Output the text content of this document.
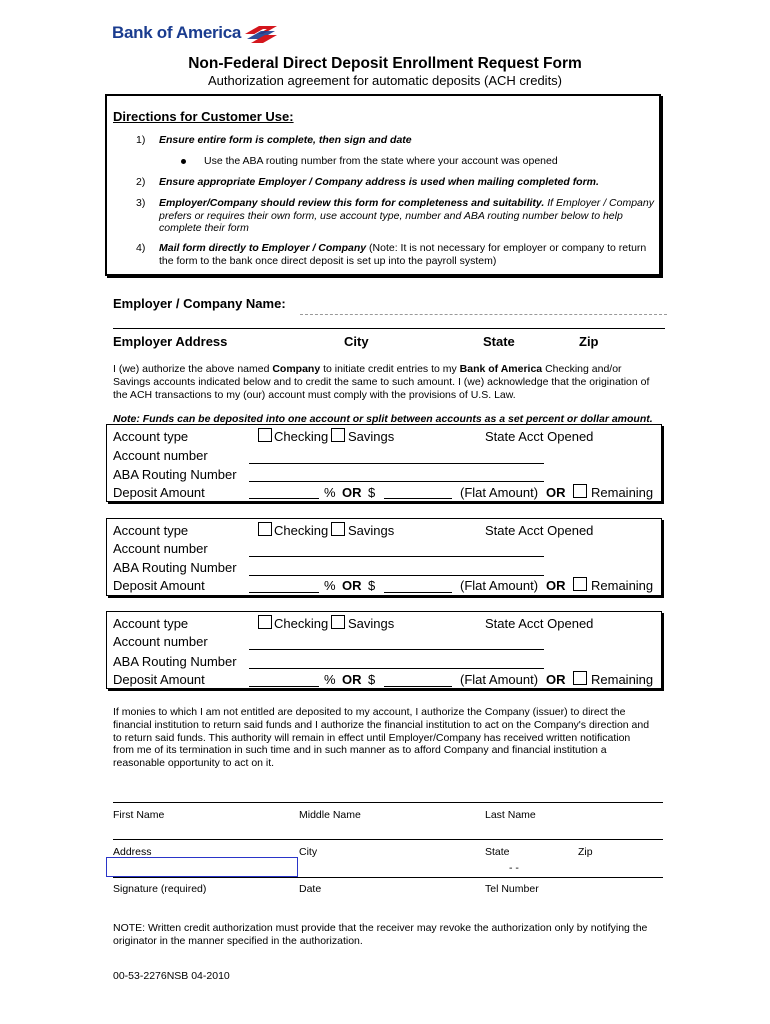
Bank of America
Non-Federal Direct Deposit Enrollment Request Form
Authorization agreement for automatic deposits (ACH credits)
Directions for Customer Use:
1) Ensure entire form is complete, then sign and date
Use the ABA routing number from the state where your account was opened
2) Ensure appropriate Employer / Company address is used when mailing completed form.
3) Employer/Company should review this form for completeness and suitability. If Employer / Company prefers or requires their own form, use account type, number and ABA routing number below to help complete their form
4) Mail form directly to Employer / Company (Note: It is not necessary for employer or company to return the form to the bank once direct deposit is set up into the payroll system)
Employer / Company Name:
Employer Address	City	State	Zip
I (we) authorize the above named Company to initiate credit entries to my Bank of America Checking and/or Savings accounts indicated below and to credit the same to such amount. I (we) acknowledge that the origination of the ACH transactions to my (our) account must comply with the provisions of U.S. Law.
Note: Funds can be deposited into one account or split between accounts as a set percent or dollar amount.
Account type	Checking Savings	State Acct Opened
Account number
ABA Routing Number
Deposit Amount	% OR $	(Flat Amount) OR Remaining
Account type	Checking Savings	State Acct Opened
Account number
ABA Routing Number
Deposit Amount	% OR $	(Flat Amount) OR Remaining
Account type	Checking Savings	State Acct Opened
Account number
ABA Routing Number
Deposit Amount	% OR $	(Flat Amount) OR Remaining
If monies to which I am not entitled are deposited to my account, I authorize the Company (issuer) to direct the financial institution to return said funds and I authorize the financial institution to act on the Company's direction and to return said funds. This authority will remain in effect until Employer/Company has received written notification from me of its termination in such time and in such manner as to afford Company and financial institution a reasonable opportunity to act on it.
First Name	Middle Name	Last Name
Address	City	State	Zip
- -
Signature (required)	Date	Tel Number
NOTE: Written credit authorization must provide that the receiver may revoke the authorization only by notifying the originator in the manner specified in the authorization.
00-53-2276NSB 04-2010
